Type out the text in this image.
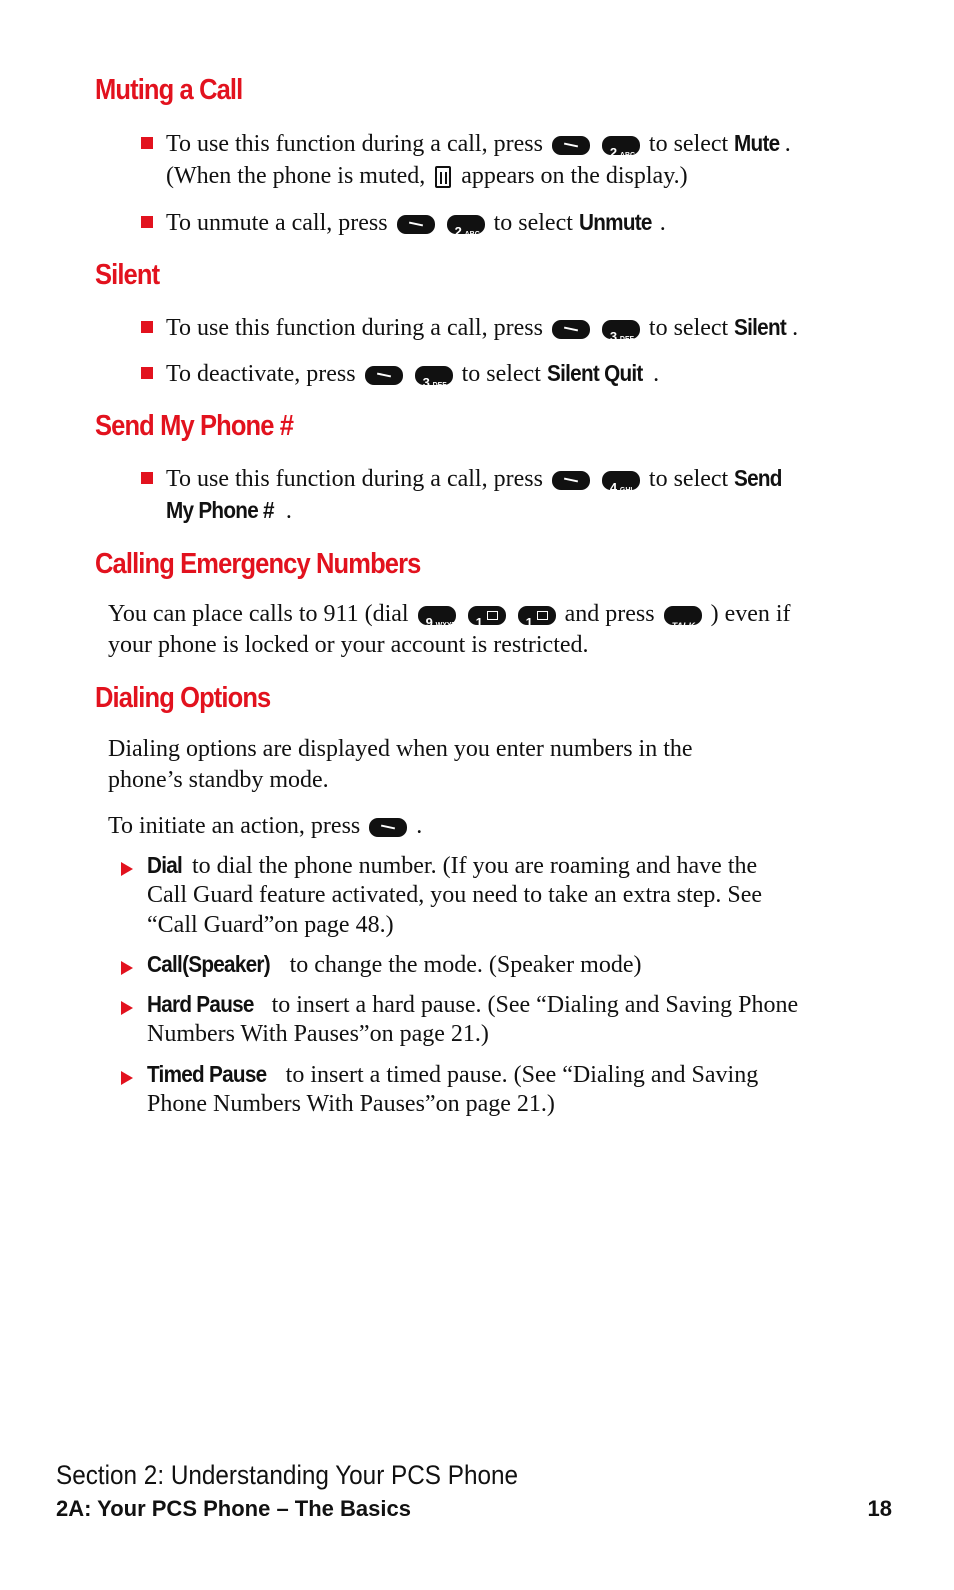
Muting a Call
To use this function during a call, press
	2 ABC to select Mute .
(When the phone is muted, appears on the display.)
To unmute a call, press
	2 ABC to select Unmute .
Silent
To use this function during a call, press
	3 DEF to select Silent .
To deactivate, press
	3 DEF to select Silent Quit .
Send My Phone #
To use this function during a call, press
	4 GHI to select Send
My Phone # .
Calling Emergency Numbers
You can place calls to 911 (dial 9 WXYZ
1
	1 and press TALK ) even if
your phone is locked or your account is restricted.
Dialing Options
Dialing options are displayed when you enter numbers in the
phone’s standby mode.
To initiate an action, press .
Dial to dial the phone number. (If you are roaming and have the
Call Guard feature activated, you need to take an extra step. See
“Call Guard”on page 48.)
Call(Speaker) to change the mode. (Speaker mode)
Hard Pause to insert a hard pause. (See “Dialing and Saving Phone
Numbers With Pauses”on page 21.)
Timed Pause to insert a timed pause. (See “Dialing and Saving
Phone Numbers With Pauses”on page 21.)
Section 2: Understanding Your PCS Phone
2A: Your PCS Phone – The Basics	18
